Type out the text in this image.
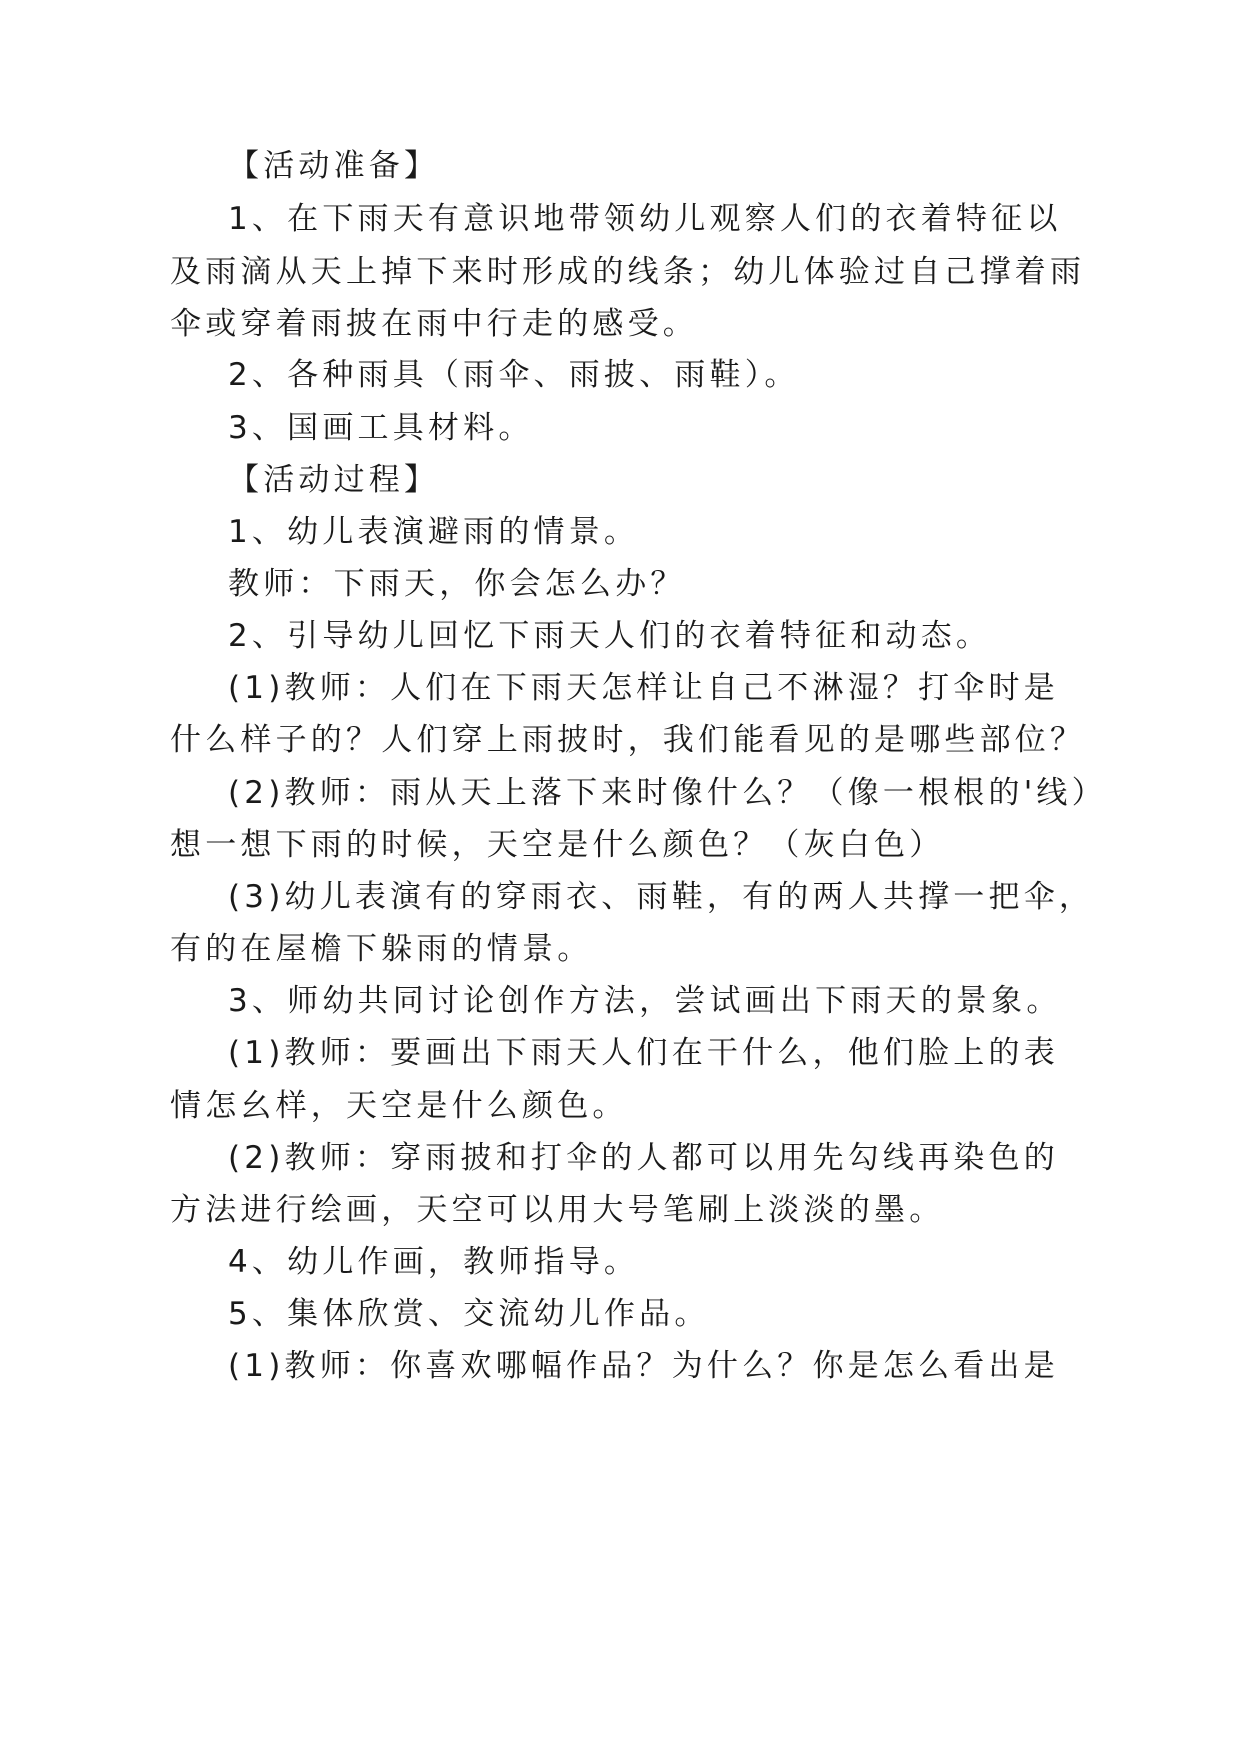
【活动准备】
1、在下雨天有意识地带领幼儿观察人们的衣着特征以
及雨滴从天上掉下来时形成的线条；幼儿体验过自己撑着雨
伞或穿着雨披在雨中行走的感受。
2、各种雨具（雨伞、雨披、雨鞋）。
3、国画工具材料。
【活动过程】
1、幼儿表演避雨的情景。
教师：下雨天，你会怎么办？
2、引导幼儿回忆下雨天人们的衣着特征和动态。
(1)教师：人们在下雨天怎样让自己不淋湿？打伞时是
什么样子的？人们穿上雨披时，我们能看见的是哪些部位？
(2)教师：雨从天上落下来时像什么？（像一根根的'线）
想一想下雨的时候，天空是什么颜色？（灰白色）
(3)幼儿表演有的穿雨衣、雨鞋，有的两人共撑一把伞，
有的在屋檐下躲雨的情景。
3、师幼共同讨论创作方法，尝试画出下雨天的景象。
(1)教师：要画出下雨天人们在干什么，他们脸上的表
情怎幺样，天空是什么颜色。
(2)教师：穿雨披和打伞的人都可以用先勾线再染色的
方法进行绘画，天空可以用大号笔刷上淡淡的墨。
4、幼儿作画，教师指导。
5、集体欣赏、交流幼儿作品。
(1)教师：你喜欢哪幅作品？为什么？你是怎么看出是
